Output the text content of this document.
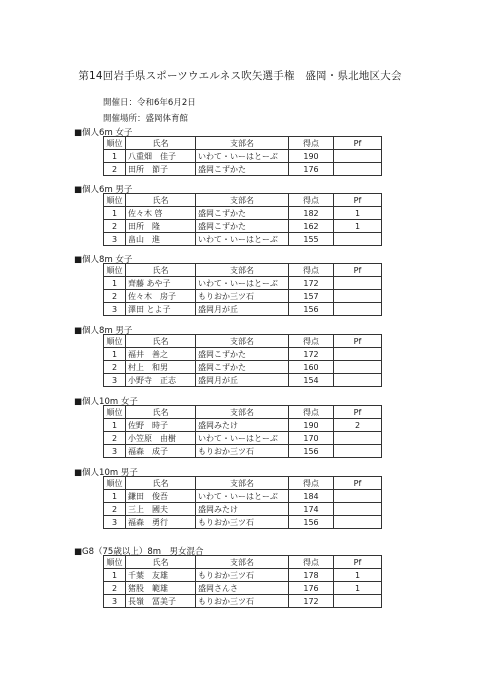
第14回岩手県スポーツウエルネス吹矢選手権　盛岡・県北地区大会
開催日：令和6年6月2日
開催場所：盛岡体育館
■個人6m 女子
順位	氏名	支部名	得点	Pf
1	八重畑　佳子	いわて・いーはとーぶ	190	
2	田所　節子	盛岡こずかた	176	
■個人6m 男子
順位	氏名	支部名	得点	Pf
1	佐々木 啓	盛岡こずかた	182	1
2	田所　隆	盛岡こずかた	162	1
3	畠山　進	いわて・いーはとーぶ	155	
■個人8m 女子
順位	氏名	支部名	得点	Pf
1	齊藤 あや子	いわて・いーはとーぶ	172	
2	佐々木　房子	もりおか三ツ石	157	
3	澤田 とよ子	盛岡月が丘	156	
■個人8m 男子
順位	氏名	支部名	得点	Pf
1	福井　善之	盛岡こずかた	172	
2	村上　和男	盛岡こずかた	160	
3	小野寺　正志	盛岡月が丘	154	
■個人10m 女子
順位	氏名	支部名	得点	Pf
1	佐野　時子	盛岡みたけ	190	2
2	小笠原　由樹	いわて・いーはとーぶ	170	
3	福森　成子	もりおか三ツ石	156	
■個人10m 男子
順位	氏名	支部名	得点	Pf
1	鎌田　俊吾	いわて・いーはとーぶ	184	
2	三上　國夫	盛岡みたけ	174	
3	福森　勇行	もりおか三ツ石	156	
■G8（75歳以上）8m　男女混合
順位	氏名	支部名	得点	Pf
1	千葉　友雄	もりおか三ツ石	178	1
2	猪股　範雄	盛岡さんさ	176	1
3	長嶺　冨美子	もりおか三ツ石	172	
